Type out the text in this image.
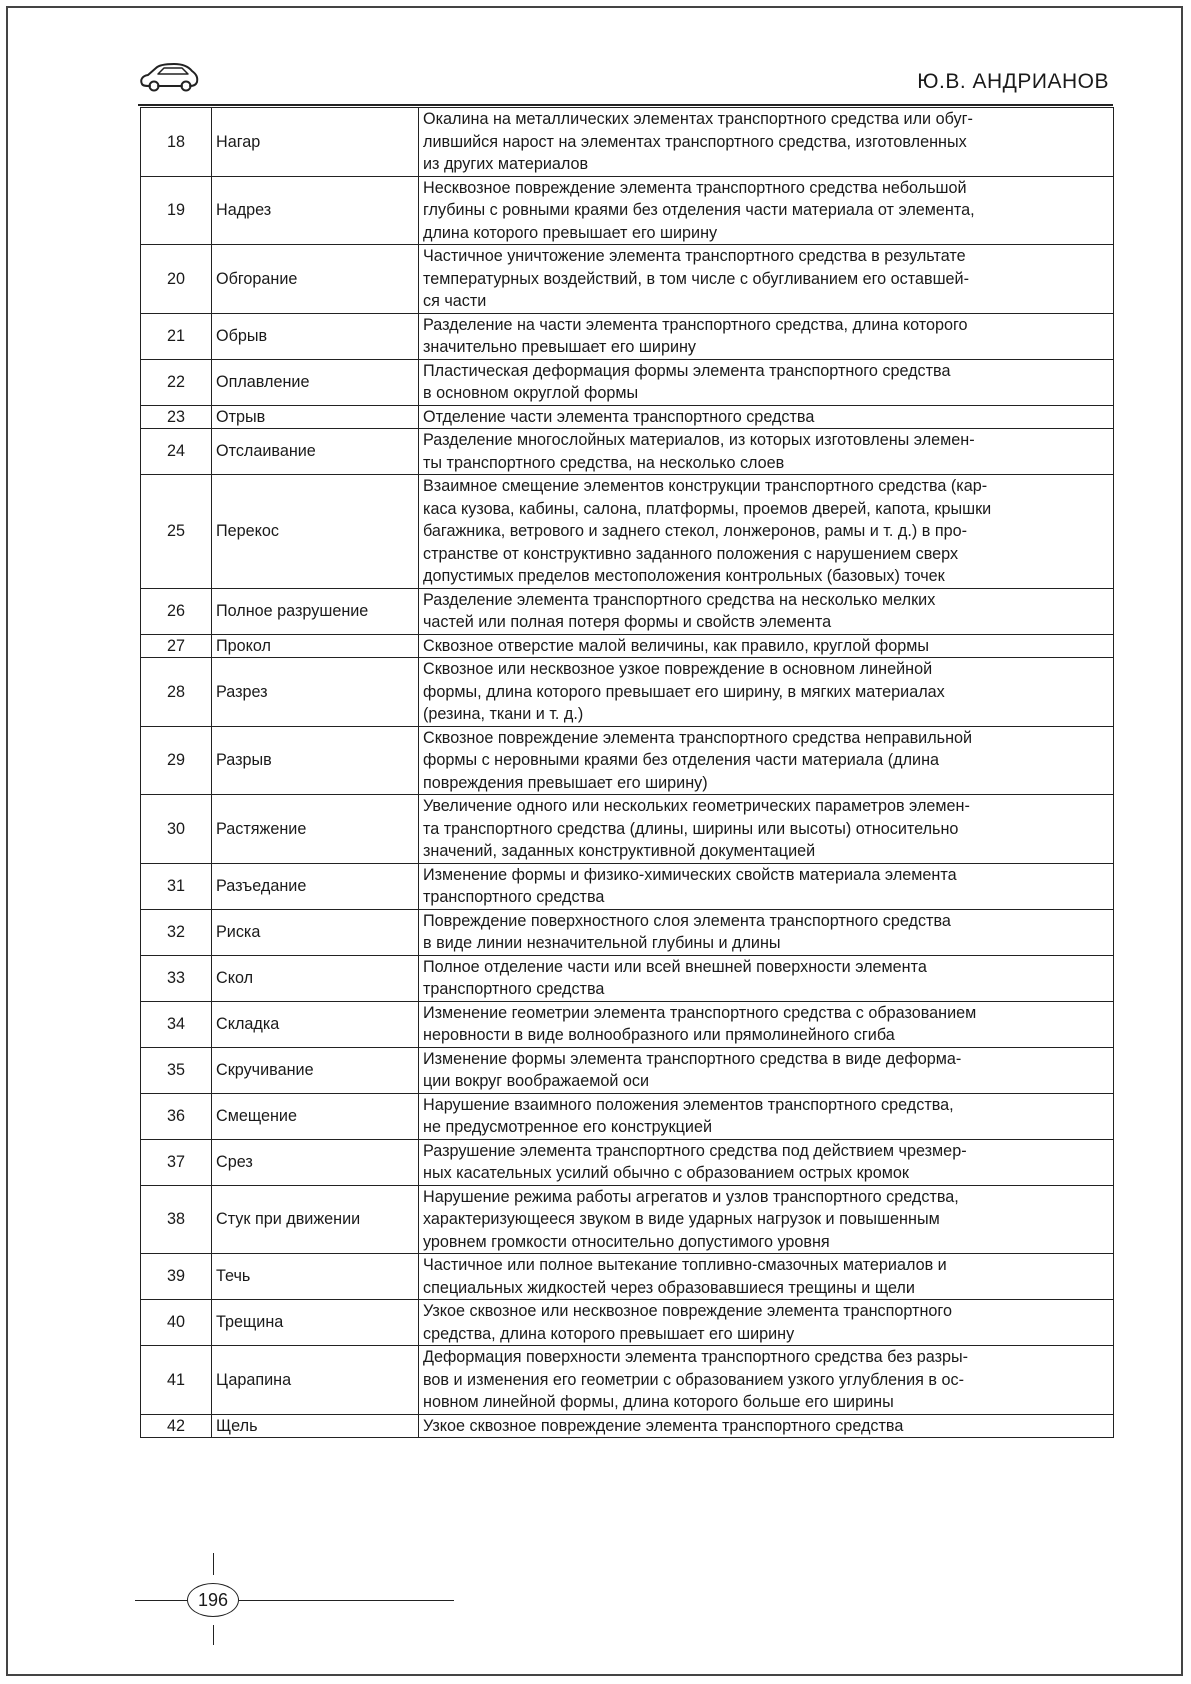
Ю.В. АНДРИАНОВ
18	Нагар	Окалина на металлических элементах транспортного средства или обуг-
лившийся нарост на элементах транспортного средства, изготовленных
из других материалов

19	Надрез	Несквозное повреждение элемента транспортного средства небольшой
глубины с ровными краями без отделения части материала от элемента,
длина которого превышает его ширину

20	Обгорание	Частичное уничтожение элемента транспортного средства в результате
температурных воздействий, в том числе с обугливанием его оставшей-
ся части

21	Обрыв	Разделение на части элемента транспортного средства, длина которого
значительно превышает его ширину

22	Оплавление	Пластическая деформация формы элемента транспортного средства
в основном округлой формы

23	Отрыв	Отделение части элемента транспортного средства

24	Отслаивание	Разделение многослойных материалов, из которых изготовлены элемен-
ты транспортного средства, на несколько слоев

25	Перекос	Взаимное смещение элементов конструкции транспортного средства (кар-
каса кузова, кабины, салона, платформы, проемов дверей, капота, крышки
багажника, ветрового и заднего стекол, лонжеронов, рамы и т. д.) в про-
странстве от конструктивно заданного положения с нарушением сверх
допустимых пределов местоположения контрольных (базовых) точек

26	Полное разрушение	Разделение элемента транспортного средства на несколько мелких
частей или полная потеря формы и свойств элемента

27	Прокол	Сквозное отверстие малой величины, как правило, круглой формы

28	Разрез	Сквозное или несквозное узкое повреждение в основном линейной
формы, длина которого превышает его ширину, в мягких материалах
(резина, ткани и т. д.)

29	Разрыв	Сквозное повреждение элемента транспортного средства неправильной
формы с неровными краями без отделения части материала (длина
повреждения превышает его ширину)

30	Растяжение	Увеличение одного или нескольких геометрических параметров элемен-
та транспортного средства (длины, ширины или высоты) относительно
значений, заданных конструктивной документацией

31	Разъедание	Изменение формы и физико-химических свойств материала элемента
транспортного средства

32	Риска	Повреждение поверхностного слоя элемента транспортного средства
в виде линии незначительной глубины и длины

33	Скол	Полное отделение части или всей внешней поверхности элемента
транспортного средства

34	Складка	Изменение геометрии элемента транспортного средства с образованием
неровности в виде волнообразного или прямолинейного сгиба

35	Скручивание	Изменение формы элемента транспортного средства в виде деформа-
ции вокруг воображаемой оси

36	Смещение	Нарушение взаимного положения элементов транспортного средства,
не предусмотренное его конструкцией

37	Срез	Разрушение элемента транспортного средства под действием чрезмер-
ных касательных усилий обычно с образованием острых кромок

38	Стук при движении	Нарушение режима работы агрегатов и узлов транспортного средства,
характеризующееся звуком в виде ударных нагрузок и повышенным
уровнем громкости относительно допустимого уровня

39	Течь	Частичное или полное вытекание топливно-смазочных материалов и
специальных жидкостей через образовавшиеся трещины и щели

40	Трещина	Узкое сквозное или несквозное повреждение элемента транспортного
средства, длина которого превышает его ширину

41	Царапина	Деформация поверхности элемента транспортного средства без разры-
вов и изменения его геометрии с образованием узкого углубления в ос-
новном линейной формы, длина которого больше его ширины

42	Щель	Узкое сквозное повреждение элемента транспортного средства
196
